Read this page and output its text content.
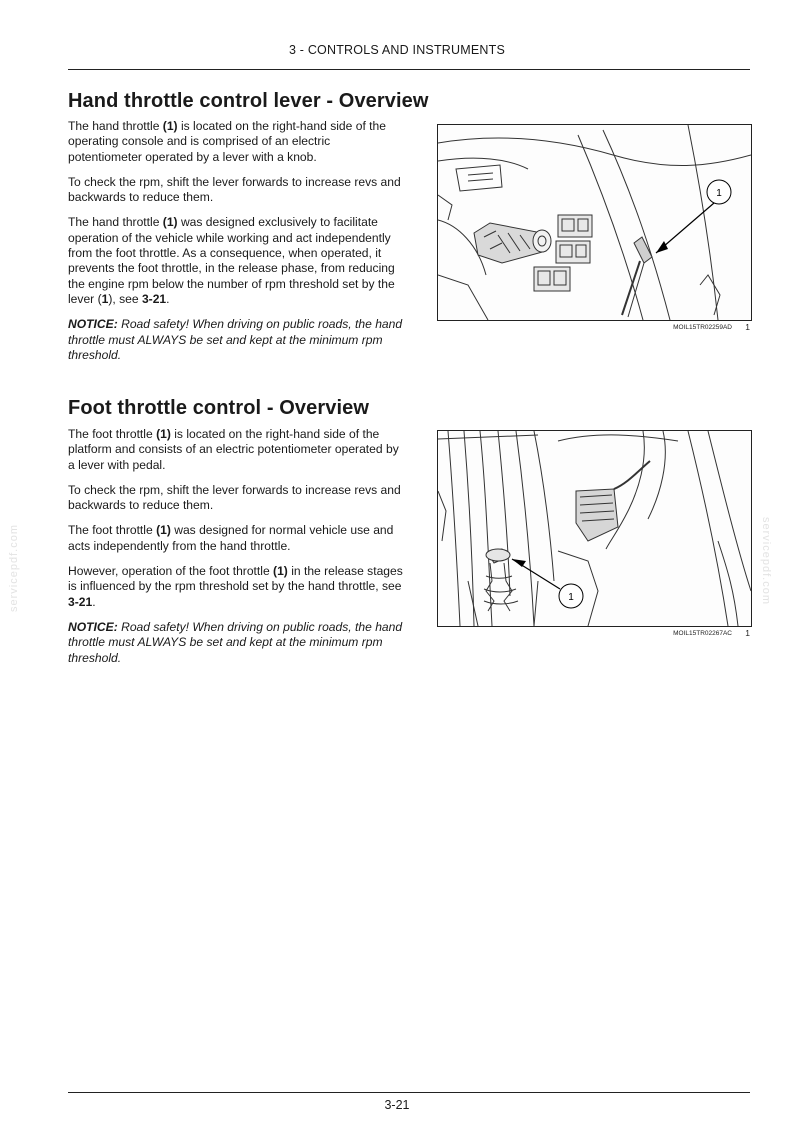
3 - CONTROLS AND INSTRUMENTS
Hand throttle control lever - Overview

The hand throttle (1) is located on the right-hand side of the operating console and is comprised of an electric potentiometer operated by a lever with a knob.

To check the rpm, shift the lever forwards to increase revs and backwards to reduce them.

The hand throttle (1) was designed exclusively to facilitate operation of the vehicle while working and act independently from the foot throttle. As a consequence, when operated, it prevents the foot throttle, in the release phase, from reducing the engine rpm below the number of rpm threshold set by the lever (1), see 3-21.

NOTICE: Road safety! When driving on public roads, the hand throttle must ALWAYS be set and kept at the minimum rpm threshold.

1
MOIL15TR02259AD 1
Foot throttle control - Overview

The foot throttle (1) is located on the right-hand side of the platform and consists of an electric potentiometer operated by a lever with pedal.

To check the rpm, shift the lever forwards to increase revs and backwards to reduce them.

The foot throttle (1) was designed for normal vehicle use and acts independently from the hand throttle.

However, operation of the foot throttle (1) in the release stages is influenced by the rpm threshold set by the hand throttle, see 3-21.

NOTICE: Road safety! When driving on public roads, the hand throttle must ALWAYS be set and kept at the minimum rpm threshold.

1
MOIL15TR02267AC 1
servicepdf.com	servicepdf.com
3-21
